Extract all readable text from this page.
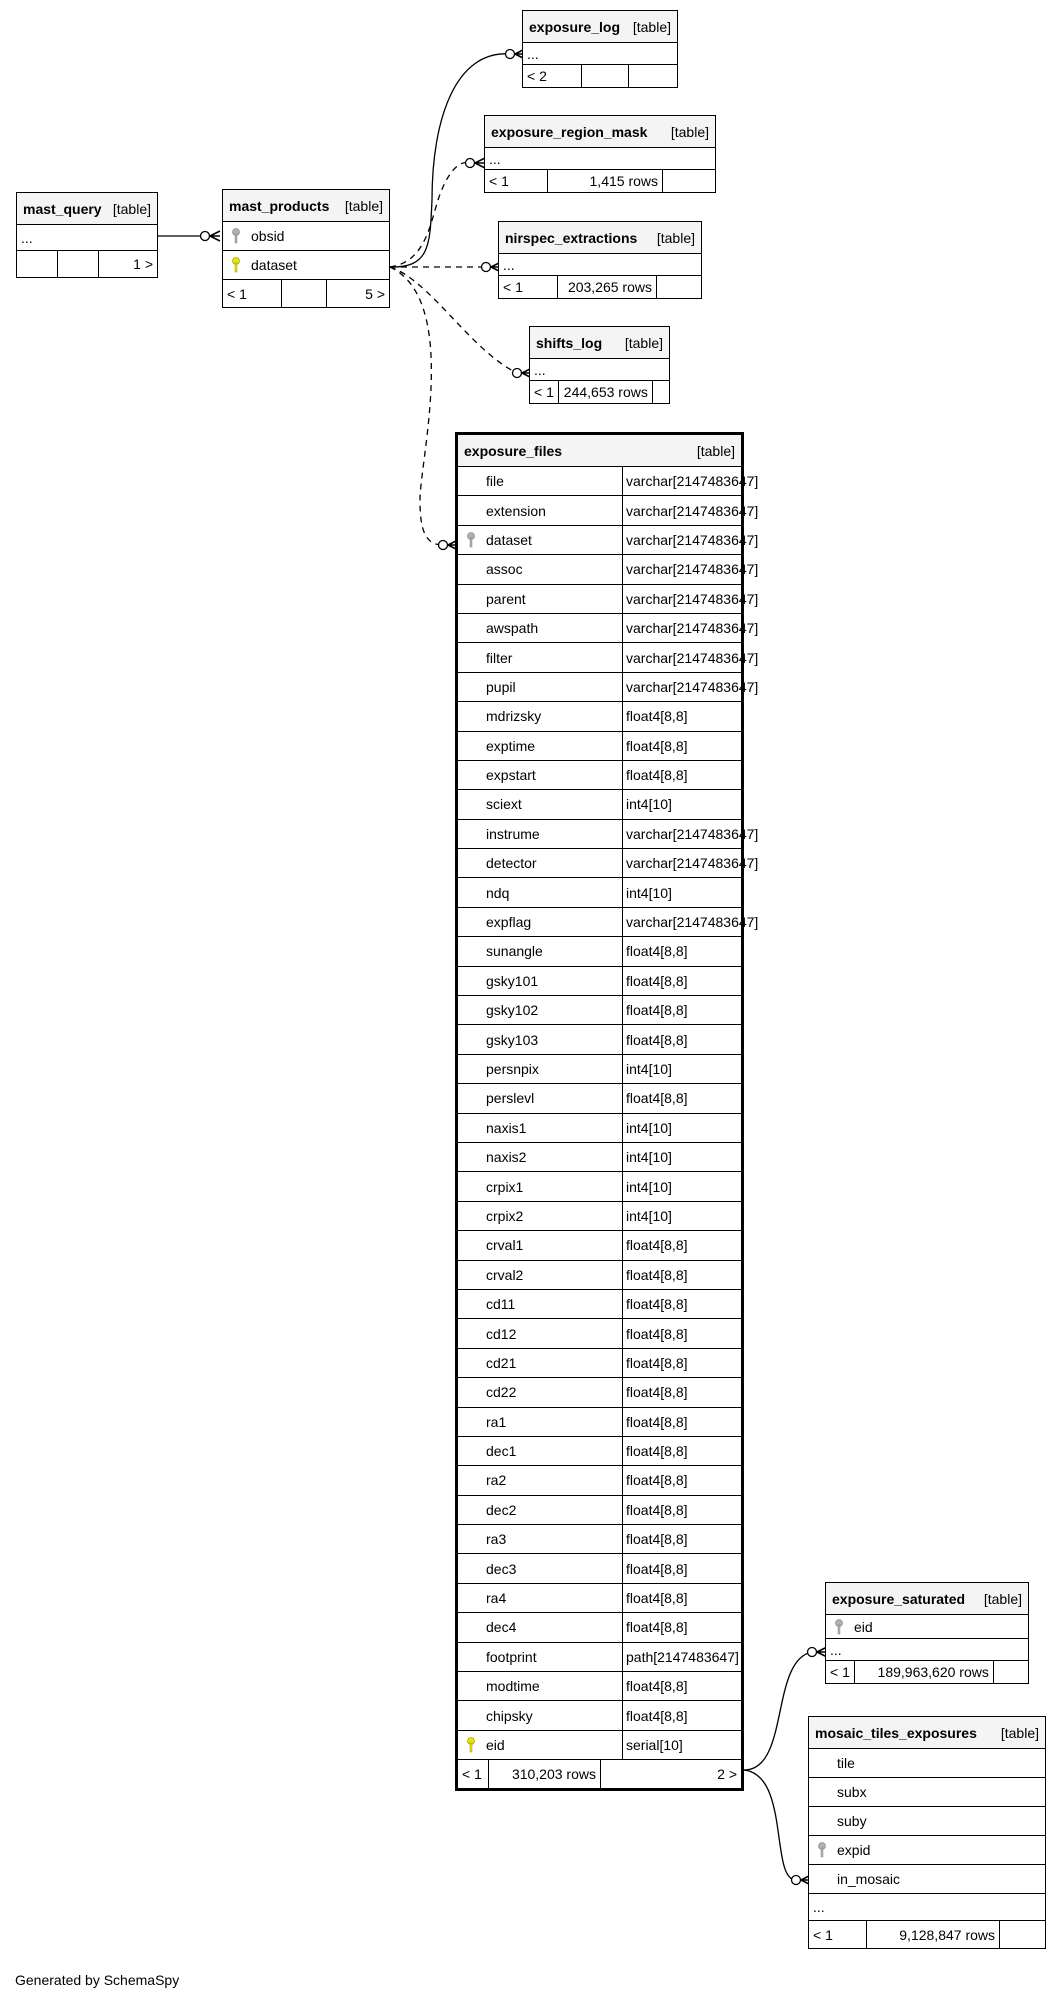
mast_query [table]
...
1 >
mast_products [table]
obsid
dataset
< 1	5 >
exposure_log [table]
...
< 2
exposure_region_mask [table]
...
< 1	1,415 rows
nirspec_extractions [table]
...
< 1	203,265 rows
shifts_log [table]
...
< 1 244,653 rows
exposure_files	[table]
file	varchar[2147483647]
extension	varchar[2147483647]
dataset	varchar[2147483647]
assoc	varchar[2147483647]
parent	varchar[2147483647]
awspath	varchar[2147483647]
filter	varchar[2147483647]
pupil	varchar[2147483647]
mdrizsky	float4[8,8]
exptime	float4[8,8]
expstart	float4[8,8]
sciext	int4[10]
instrume	varchar[2147483647]
detector	varchar[2147483647]
ndq	int4[10]
expflag	varchar[2147483647]
sunangle	float4[8,8]
gsky101	float4[8,8]
gsky102	float4[8,8]
gsky103	float4[8,8]
persnpix	int4[10]
perslevl	float4[8,8]
naxis1	int4[10]
naxis2	int4[10]
crpix1	int4[10]
crpix2	int4[10]
crval1	float4[8,8]
crval2	float4[8,8]
cd11	float4[8,8]
cd12	float4[8,8]
cd21	float4[8,8]
cd22	float4[8,8]
ra1	float4[8,8]
dec1	float4[8,8]
ra2	float4[8,8]
dec2	float4[8,8]
ra3	float4[8,8]
dec3	float4[8,8]
ra4	float4[8,8]
dec4	float4[8,8]
footprint	path[2147483647]
modtime	float4[8,8]
chipsky	float4[8,8]
eid	serial[10]
< 1	310,203 rows	2 >
exposure_saturated [table]
eid
...
< 1	189,963,620 rows
mosaic_tiles_exposures [table]
tile
subx
suby
expid
in_mosaic
...
< 1	9,128,847 rows
Generated by SchemaSpy
